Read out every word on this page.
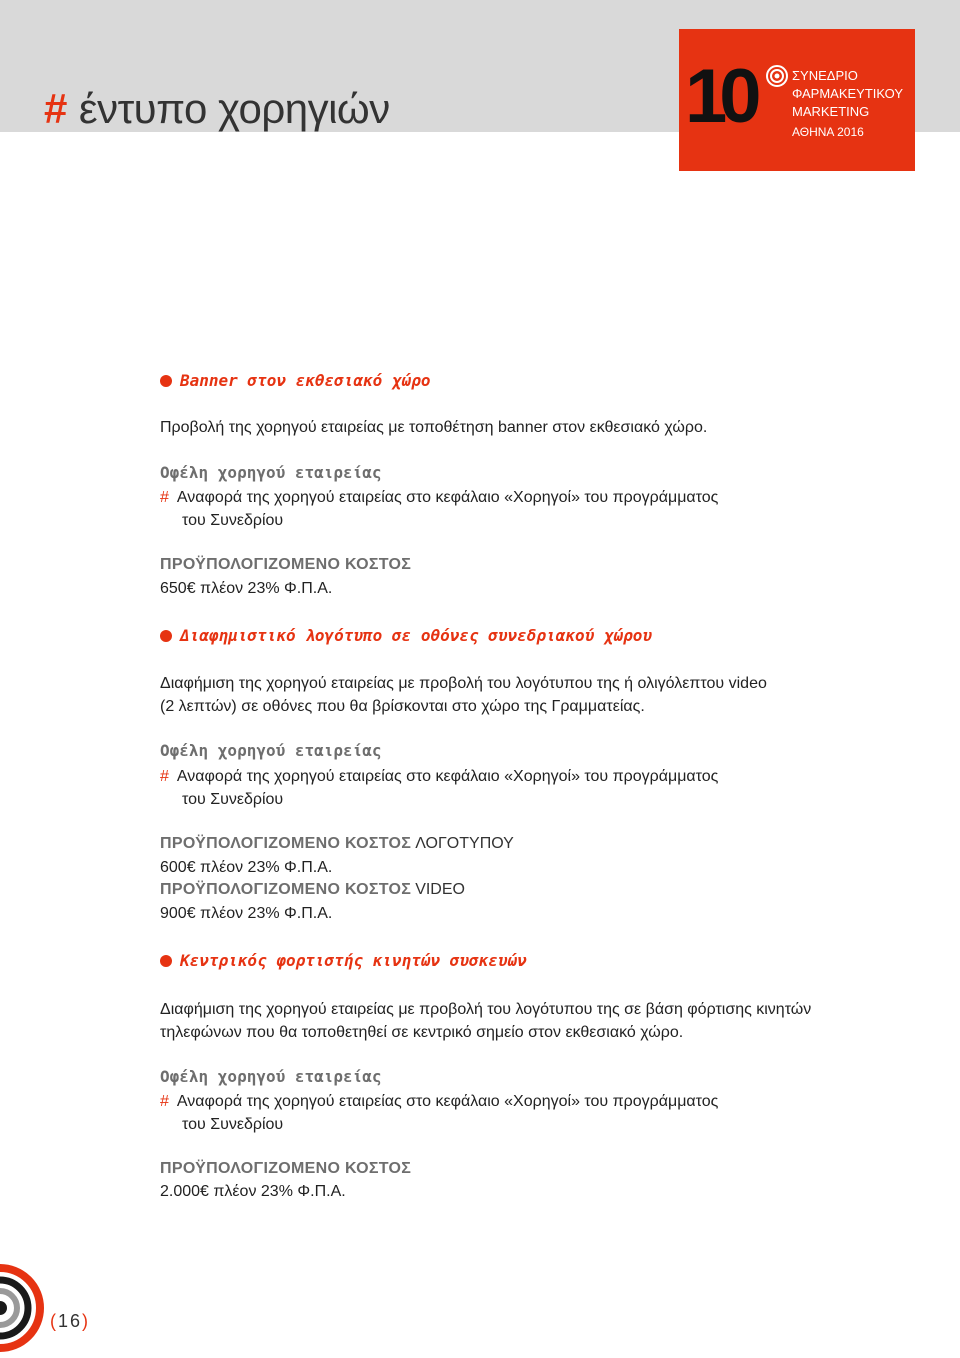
# έντυπο χορηγιών	10	ΣΥΝΕΔΡΙΟ
ΦΑΡΜΑΚΕΥΤΙΚΟΥ
MARKETING
ΑΘΗΝΑ 2016
Banner στον εκθεσιακό χώρο

Προβολή της χορηγού εταιρείας με τοποθέτηση banner στον εκθεσιακό χώρο.

Οφέλη χορηγού εταιρείας

# Αναφορά της χορηγού εταιρείας στο κεφάλαιο «Χορηγοί» του προγράμματος
του Συνεδρίου

ΠΡΟΫΠΟΛΟΓΙΖΟΜΕΝΟ ΚΟΣΤΟΣ

650€ πλέον 23% Φ.Π.Α.

Διαφημιστικό λογότυπο σε οθόνες συνεδριακού χώρου

Διαφήμιση της χορηγού εταιρείας με προβολή του λογότυπου της ή ολιγόλεπτου video
(2 λεπτών) σε οθόνες που θα βρίσκονται στο χώρο της Γραμματείας.

Οφέλη χορηγού εταιρείας

# Αναφορά της χορηγού εταιρείας στο κεφάλαιο «Χορηγοί» του προγράμματος
του Συνεδρίου

ΠΡΟΫΠΟΛΟΓΙΖΟΜΕΝΟ ΚΟΣΤΟΣ ΛΟΓΟΤΥΠΟΥ

600€ πλέον 23% Φ.Π.Α.

ΠΡΟΫΠΟΛΟΓΙΖΟΜΕΝΟ ΚΟΣΤΟΣ VIDEO

900€ πλέον 23% Φ.Π.Α.

Κεντρικός φορτιστής κινητών συσκευών

Διαφήμιση της χορηγού εταιρείας με προβολή του λογότυπου της σε βάση φόρτισης κινητών
τηλεφώνων που θα τοποθετηθεί σε κεντρικό σημείο στον εκθεσιακό χώρο.

Οφέλη χορηγού εταιρείας

# Αναφορά της χορηγού εταιρείας στο κεφάλαιο «Χορηγοί» του προγράμματος
του Συνεδρίου

ΠΡΟΫΠΟΛΟΓΙΖΟΜΕΝΟ ΚΟΣΤΟΣ

2.000€ πλέον 23% Φ.Π.Α.

(16)
